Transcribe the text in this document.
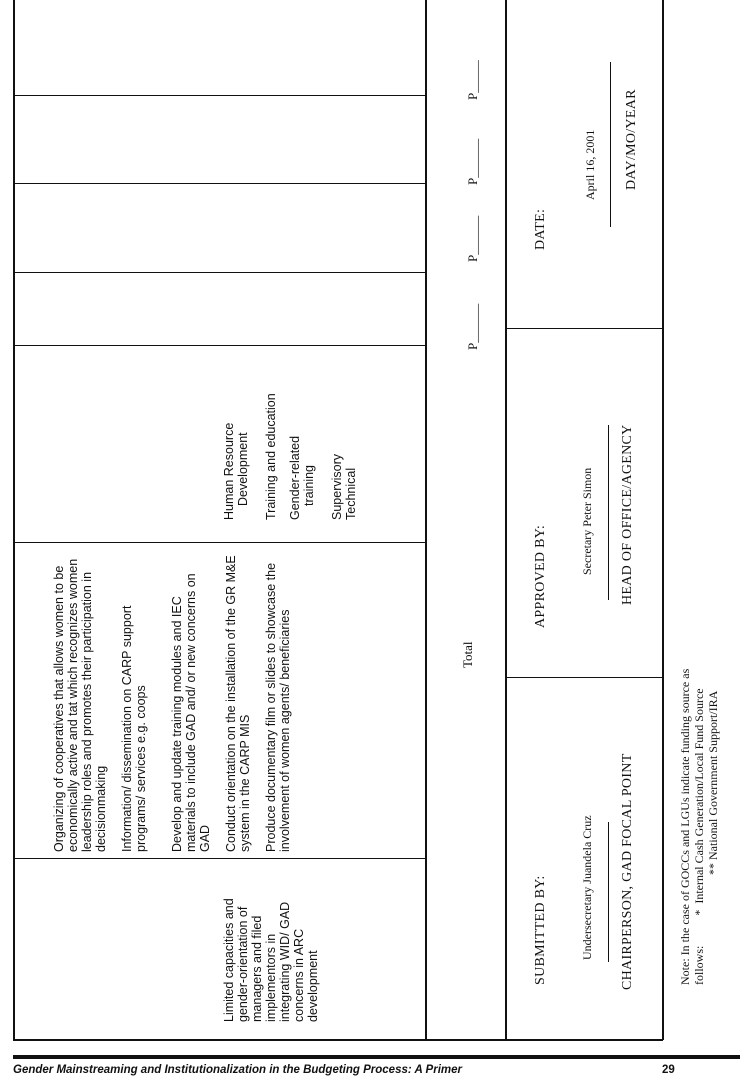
Limited capacities and gender-orientation of managers and filed implementors in integrating WID/ GAD concerns in ARC development

Organizing of cooperatives that allows women to be economically active and tat which recognizes women leadership roles and promotes their participation in decisionmaking Information/ dissemination on CARP support programs/ services e.g. coops Develop and update training modules and IEC materials to include GAD and/ or new concerns on GAD Conduct orientation on the installation of the GR M&E system in the CARP MIS Produce documentary film or slides to showcase the involvement of women agents/ beneficiaries

Human Resource Development Training and education Gender-related training Supervisory Technical
Total
P______
P______
P______
P_____
SUBMITTED BY:	Undersecretary Juandela Cruz CHAIRPERSON, GAD FOCAL POINT
APPROVED BY:
Secretary Peter Simon HEAD OF OFFICE/AGENCY
DATE:
April 16, 2001 DAY/MO/YEAR
Note: In the case of GOCCs and LGUs indicate funding source as follows:          *  Internal Cash Generation/Local Fund Source ** National Government Support/IRA
Gender Mainstreaming and Institutionalization in the Budgeting Process: A Primer	29
